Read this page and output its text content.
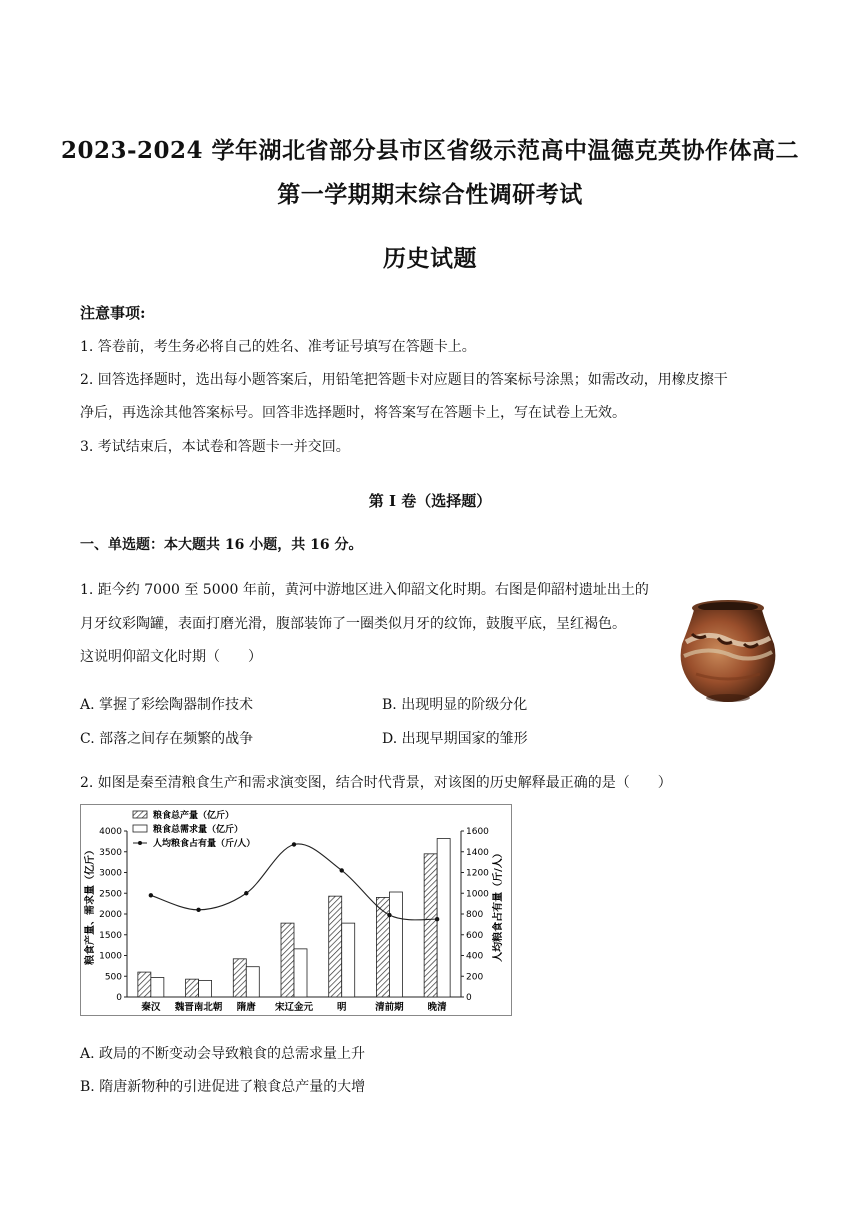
2023-2024 学年湖北省部分县市区省级示范高中温德克英协作体高二
第一学期期末综合性调研考试
历史试题
注意事项:
1. 答卷前，考生务必将自己的姓名、准考证号填写在答题卡上。
2. 回答选择题时，选出每小题答案后，用铅笔把答题卡对应题目的答案标号涂黑；如需改动，用橡皮擦干
净后，再选涂其他答案标号。回答非选择题时，将答案写在答题卡上，写在试卷上无效。
3. 考试结束后，本试卷和答题卡一并交回。
第 I 卷（选择题）
一、单选题：本大题共 16 小题，共 16 分。
1. 距今约 7000 至 5000 年前，黄河中游地区进入仰韶文化时期。右图是仰韶村遗址出土的
月牙纹彩陶罐，表面打磨光滑，腹部装饰了一圈类似月牙的纹饰，鼓腹平底，呈红褐色。
这说明仰韶文化时期（　　）
A. 掌握了彩绘陶器制作技术	B. 出现明显的阶级分化
C. 部落之间存在频繁的战争	D. 出现早期国家的雏形
2. 如图是秦至清粮食生产和需求演变图，结合时代背景，对该图的历史解释最正确的是（　　）
0
500
1000
1500
2000
2500
3000
3500
4000
0
200
400
600
800
1000
1200
1400
1600
秦汉 魏晋南北朝 隋唐 宋辽金元	明	清前期	晚清
粮食总产量（亿斤）
粮食总需求量（亿斤）
人均粮食占有量（斤/人）
粮食产量、需求量（亿斤）	人均粮食占有量（斤/人）
A. 政局的不断变动会导致粮食的总需求量上升
B. 隋唐新物种的引进促进了粮食总产量的大增
